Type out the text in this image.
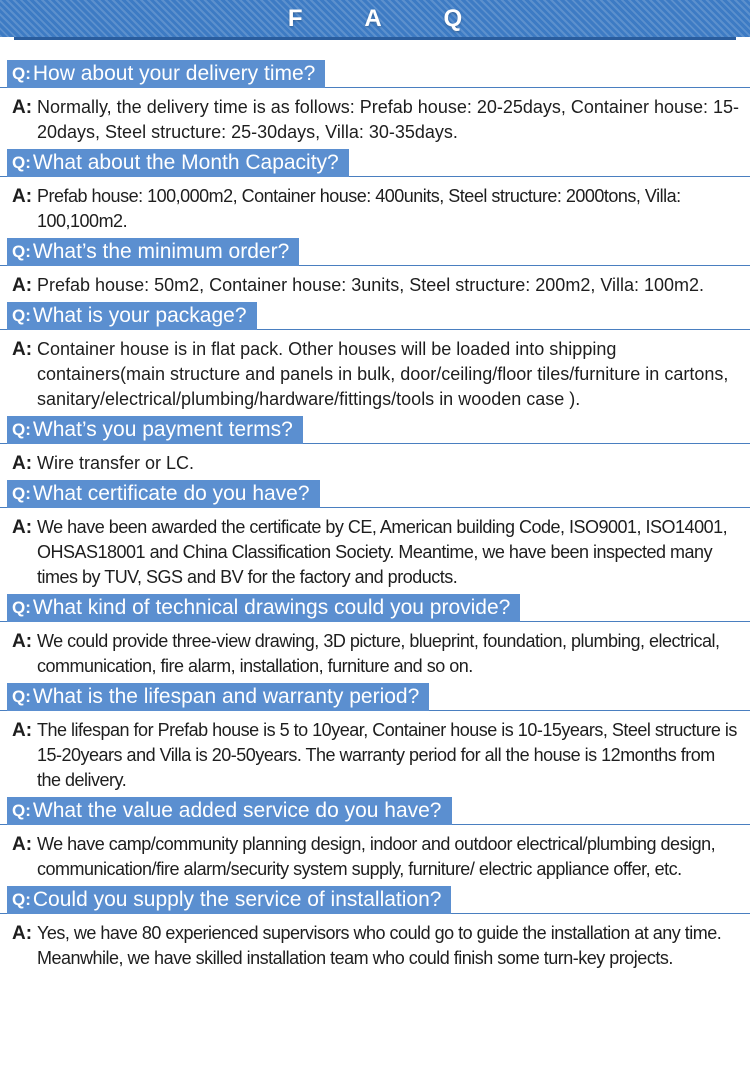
F A Q
Q: How about your delivery time?
A: Normally, the delivery time is as follows: Prefab house: 20-25days, Container house: 15-20days, Steel structure: 25-30days, Villa: 30-35days.
Q: What about the Month Capacity?
A: Prefab house: 100,000m2, Container house: 400units, Steel structure: 2000tons, Villa: 100,100m2.
Q: What’s the minimum order?
A: Prefab house: 50m2, Container house: 3units, Steel structure: 200m2, Villa: 100m2.
Q: What is your package?
A: Container house is in flat pack. Other houses will be loaded into shipping containers(main structure and panels in bulk, door/ceiling/floor tiles/furniture in cartons, sanitary/electrical/plumbing/hardware/fittings/tools in wooden case ).
Q: What’s you payment terms?
A: Wire transfer or LC.
Q: What certificate do you have?
A: We have been awarded the certificate by CE, American building Code, ISO9001, ISO14001, OHSAS18001 and China Classification Society. Meantime, we have been inspected many times by TUV, SGS and BV for the factory and products.
Q: What kind of technical drawings could you provide?
A: We could provide three-view drawing, 3D picture, blueprint, foundation, plumbing, electrical, communication, fire alarm, installation, furniture and so on.
Q: What is the lifespan and warranty period?
A: The lifespan for Prefab house is 5 to 10year, Container house is 10-15years, Steel structure is 15-20years and Villa is 20-50years. The warranty period for all the house is 12months from the delivery.
Q: What the value added service do you have?
A: We have camp/community planning design, indoor and outdoor electrical/plumbing design, communication/fire alarm/security system supply, furniture/ electric appliance offer, etc.
Q: Could you supply the service of installation?
A: Yes, we have 80 experienced supervisors who could go to guide the installation at any time. Meanwhile, we have skilled installation team who could finish some turn-key projects.
